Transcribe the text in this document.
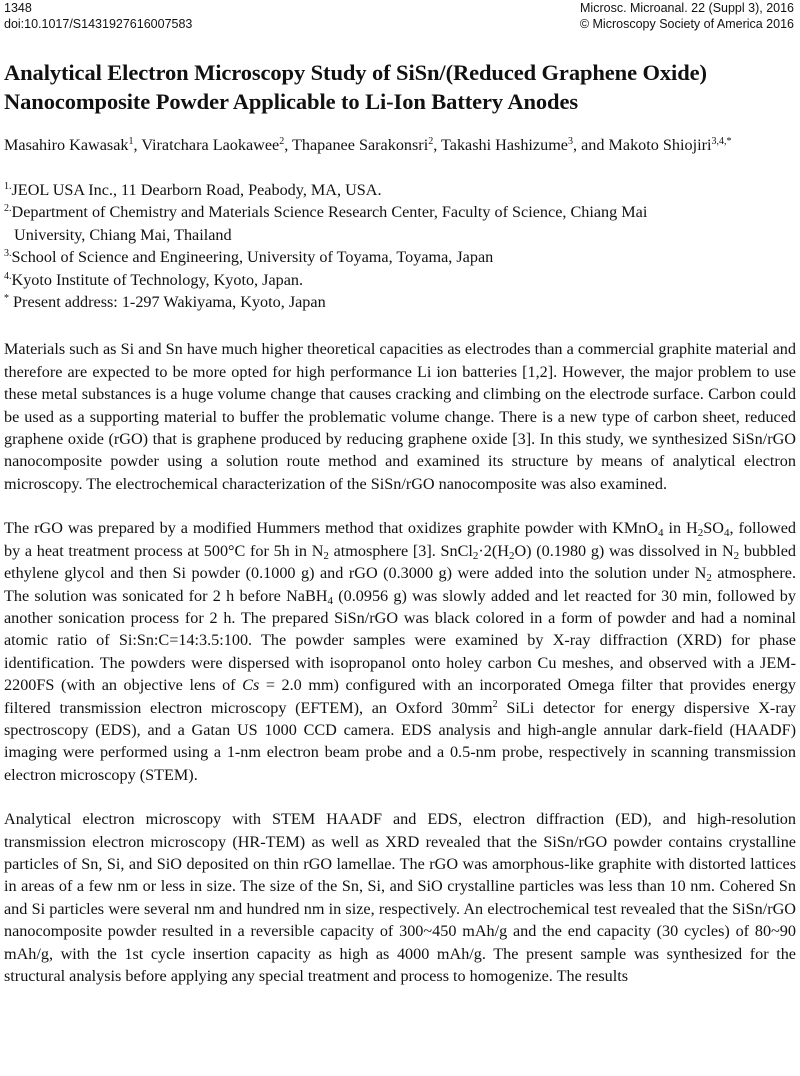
1348
doi:10.1017/S1431927616007583
Microsc. Microanal. 22 (Suppl 3), 2016
© Microscopy Society of America 2016
Analytical Electron Microscopy Study of SiSn/(Reduced Graphene Oxide)
Nanocomposite Powder Applicable to Li-Ion Battery Anodes
Masahiro Kawasak$^1$, Viratchara Laokawee$^2$, Thapanee Sarakonsri$^2$, Takashi Hashizume$^3$, and Makoto Shiojiri$^{3,4,*}$
$^{1.}$JEOL USA Inc., 11 Dearborn Road, Peabody, MA, USA.
$^{2.}$Department of Chemistry and Materials Science Research Center, Faculty of Science, Chiang Mai
University, Chiang Mai, Thailand
$^{3.}$School of Science and Engineering, University of Toyama, Toyama, Japan
$^{4.}$Kyoto Institute of Technology, Kyoto, Japan.
* Present address: 1-297 Wakiyama, Kyoto, Japan

Materials such as Si and Sn have much higher theoretical capacities as electrodes than a commercial graphite material and therefore are expected to be more opted for high performance Li ion batteries [1,2]. However, the major problem to use these metal substances is a huge volume change that causes cracking and climbing on the electrode surface. Carbon could be used as a supporting material to buffer the problematic volume change. There is a new type of carbon sheet, reduced graphene oxide (rGO) that is graphene produced by reducing graphene oxide [3]. In this study, we synthesized SiSn/rGO nanocomposite powder using a solution route method and examined its structure by means of analytical electron microscopy. The electrochemical characterization of the SiSn/rGO nanocomposite was also examined.

The rGO was prepared by a modified Hummers method that oxidizes graphite powder with KMnO$_4$ in $H_2SO_4$, followed by a heat treatment process at 500°C for 5h in $N_2$ atmosphere [3]. $SnCl_2\cdot 2(H_2O)$ (0.1980 g) was dissolved in $N_2$ bubbled ethylene glycol and then Si powder (0.1000 g) and rGO (0.3000 g) were added into the solution under $N_2$ atmosphere. The solution was sonicated for 2 h before NaBH$_4$ (0.0956 g) was slowly added and let reacted for 30 min, followed by another sonication process for 2 h. The prepared SiSn/rGO was black colored in a form of powder and had a nominal atomic ratio of Si:Sn:C=14:3.5:100. The powder samples were examined by X-ray diffraction (XRD) for phase identification. The powders were dispersed with isopropanol onto holey carbon Cu meshes, and observed with a JEM-2200FS (with an objective lens of Cs = 2.0 mm) configured with an incorporated Omega filter that provides energy filtered transmission electron microscopy (EFTEM), an Oxford $30mm^2$ SiLi detector for energy dispersive X-ray spectroscopy (EDS), and a Gatan US 1000 CCD camera. EDS analysis and high-angle annular dark-field (HAADF) imaging were performed using a 1-nm electron beam probe and a 0.5-nm probe, respectively in scanning transmission electron microscopy (STEM).

Analytical electron microscopy with STEM HAADF and EDS, electron diffraction (ED), and high-resolution transmission electron microscopy (HR-TEM) as well as XRD revealed that the SiSn/rGO powder contains crystalline particles of Sn, Si, and SiO deposited on thin rGO lamellae. The rGO was amorphous-like graphite with distorted lattices in areas of a few nm or less in size. The size of the Sn, Si, and SiO crystalline particles was less than 10 nm. Cohered Sn and Si particles were several nm and hundred nm in size, respectively. An electrochemical test revealed that the SiSn/rGO nanocomposite powder resulted in a reversible capacity of 300~450 mAh/g and the end capacity (30 cycles) of 80~90 mAh/g, with the 1st cycle insertion capacity as high as 4000 mAh/g. The present sample was synthesized for the structural analysis before applying any special treatment and process to homogenize. The results
